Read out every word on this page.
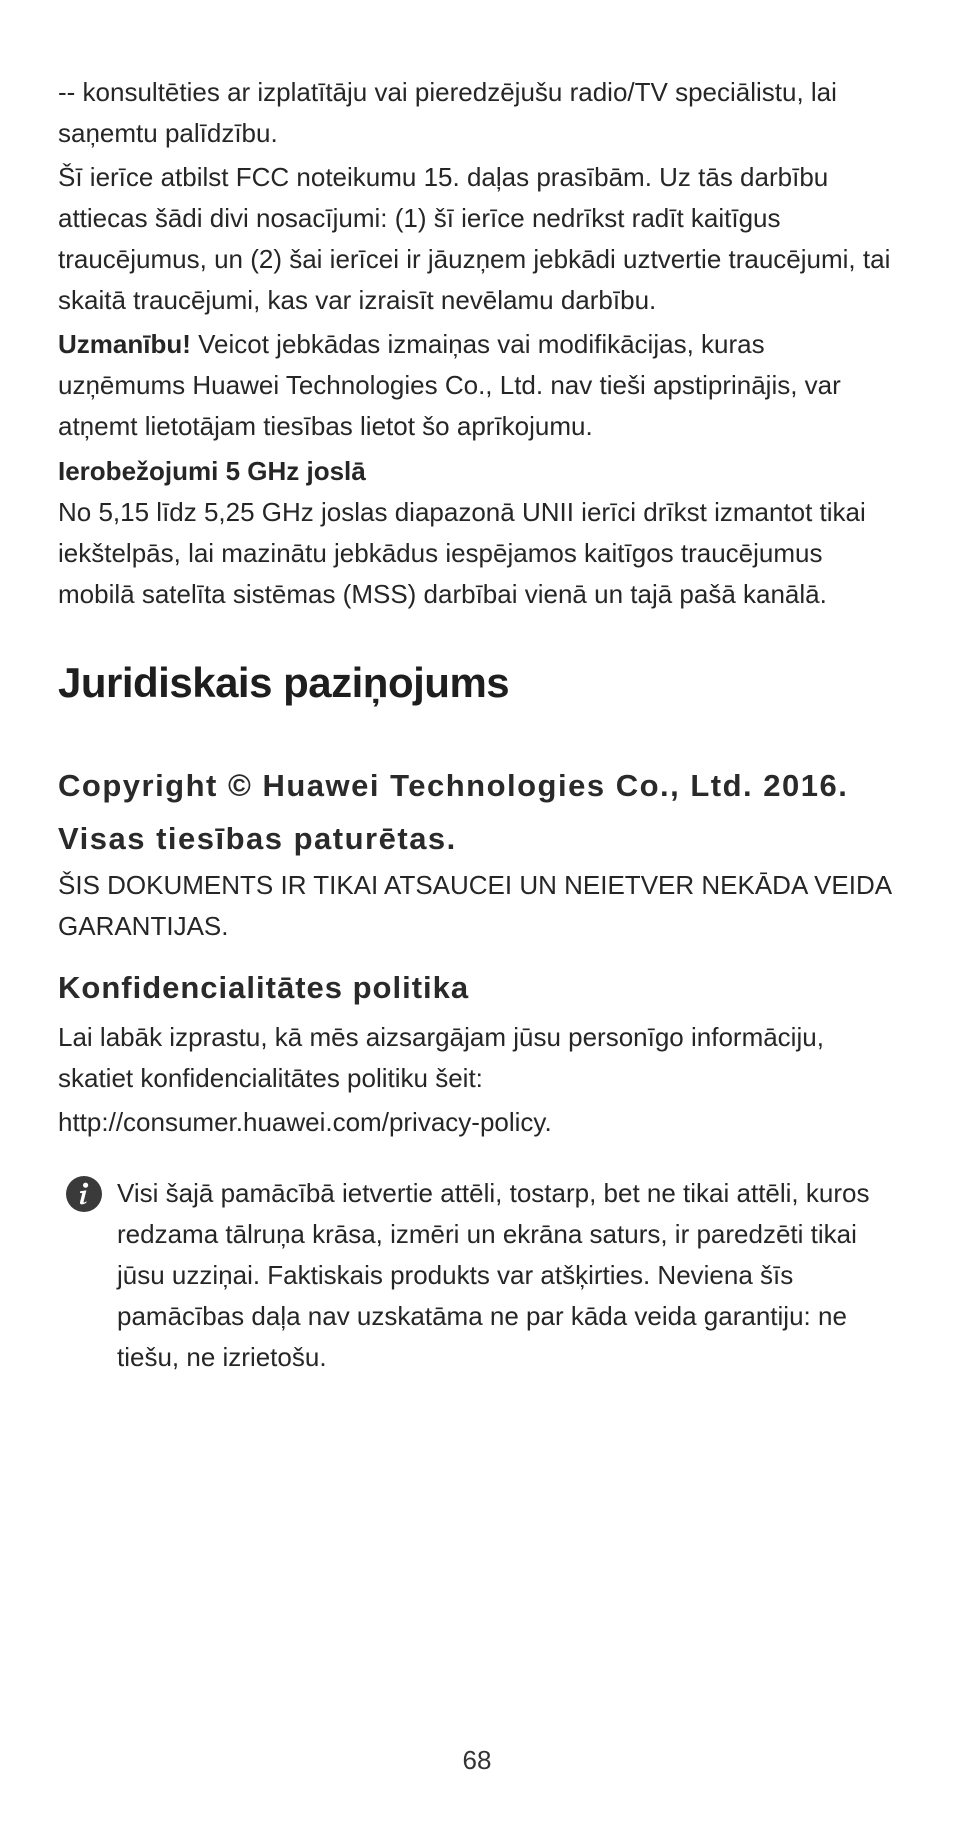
-- konsultēties ar izplatītāju vai pieredzējušu radio/TV speciālistu, lai saņemtu palīdzību.

Šī ierīce atbilst FCC noteikumu 15. daļas prasībām. Uz tās darbību attiecas šādi divi nosacījumi: (1) šī ierīce nedrīkst radīt kaitīgus traucējumus, un (2) šai ierīcei ir jāuzņem jebkādi uztvertie traucējumi, tai skaitā traucējumi, kas var izraisīt nevēlamu darbību.

Uzmanību! Veicot jebkādas izmaiņas vai modifikācijas, kuras uzņēmums Huawei Technologies Co., Ltd. nav tieši apstiprinājis, var atņemt lietotājam tiesības lietot šo aprīkojumu.

Ierobežojumi 5 GHz joslā

No 5,15 līdz 5,25 GHz joslas diapazonā UNII ierīci drīkst izmantot tikai iekštelpās, lai mazinātu jebkādus iespējamos kaitīgos traucējumus mobilā satelīta sistēmas (MSS) darbībai vienā un tajā pašā kanālā.

Juridiskais paziņojums
Copyright © Huawei Technologies Co., Ltd. 2016. Visas tiesības paturētas.

ŠIS DOKUMENTS IR TIKAI ATSAUCEI UN NEIETVER NEKĀDA VEIDA GARANTIJAS.

Konfidencialitātes politika

Lai labāk izprastu, kā mēs aizsargājam jūsu personīgo informāciju, skatiet konfidencialitātes politiku šeit:

http://consumer.huawei.com/privacy-policy.

Visi šajā pamācībā ietvertie attēli, tostarp, bet ne tikai attēli, kuros redzama tālruņa krāsa, izmēri un ekrāna saturs, ir paredzēti tikai jūsu uzziņai. Faktiskais produkts var atšķirties. Neviena šīs pamācības daļa nav uzskatāma ne par kāda veida garantiju: ne tiešu, ne izrietošu.

68
